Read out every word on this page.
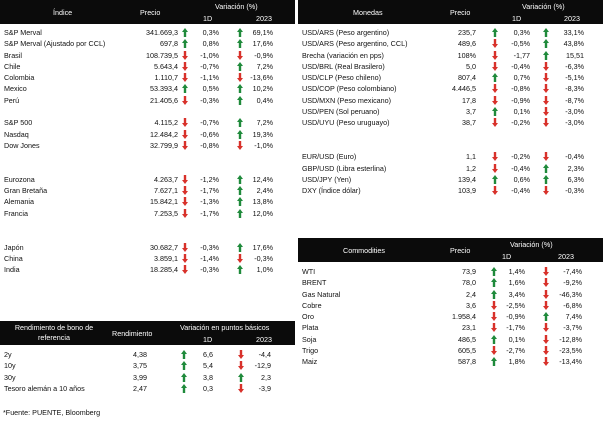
Índice	Precio
Variación (%)
1D	2023
S&P Merval	341.669,3	0,3%	69,1%
S&P Merval (Ajustado por CCL)	697,8	0,8%	17,6%
Brasil	108.739,5	-1,0%	-0,9%
Chile	5.643,4	-0,7%	7,2%
Colombia	1.110,7	-1,1%	-13,6%
Mexico	53.393,4	0,5%	10,2%
Perú	21.405,6	-0,3%	0,4%
S&P 500	4.115,2	-0,7%	7,2%
Nasdaq	12.484,2	-0,6%	19,3%
Dow Jones	32.799,9	-0,8%	-1,0%
Eurozona	4.263,7	-1,2%	12,4%
Gran Bretaña	7.627,1	-1,7%	2,4%
Alemania	15.842,1	-1,3%	13,8%
Francia	7.253,5	-1,7%	12,0%
Japón	30.682,7	-0,3%	17,6%
China	3.859,1	-1,4%	-0,3%
India	18.285,4	-0,3%	1,0%
Rendimiento de bono de referencia	Rendimiento
Variación en puntos básicos
1D	2023
2y	4,38	6,6	-4,4
10y	3,75	5,4	-12,9
30y	3,99	3,8	2,3
Tesoro alemán a 10 años	2,47	0,3	-3,9
*Fuente: PUENTE, Bloomberg
Monedas	Precio
Variación (%)
1D	2023
USD/ARS (Peso argentino)	235,7	0,3%	33,1%
USD/ARS (Peso argentino, CCL)	489,6	-0,5%	43,8%
Brecha (variación en pps)	108%	-1,77	15,51
USD/BRL (Real Brasilero)	5,0	-0,4%	-6,3%
USD/CLP (Peso chileno)	807,4	0,7%	-5,1%
USD/COP (Peso colombiano)	4.446,5	-0,8%	-8,3%
USD/MXN (Peso mexicano)	17,8	-0,9%	-8,7%
USD/PEN (Sol peruano)	3,7	0,1%	-3,0%
USD/UYU (Peso uruguayo)	38,7	-0,2%	-3,0%
EUR/USD (Euro)	1,1	-0,2%	-0,4%
GBP/USD (Libra esterlina)	1,2	-0,4%	2,3%
USD/JPY (Yen)	139,4	0,6%	6,3%
DXY (Índice dólar)	103,9	-0,4%	-0,3%
Commodities	Precio
Variación (%)
1D	2023
WTI	73,9	1,4%	-7,4%
BRENT	78,0	1,6%	-9,2%
Gas Natural	2,4	3,4%	-46,3%
Cobre	3,6	-2,5%	-6,8%
Oro	1.958,4	-0,9%	7,4%
Plata	23,1	-1,7%	-3,7%
Soja	486,5	0,1%	-12,8%
Trigo	605,5	-2,7%	-23,5%
Maiz	587,8	1,8%	-13,4%
